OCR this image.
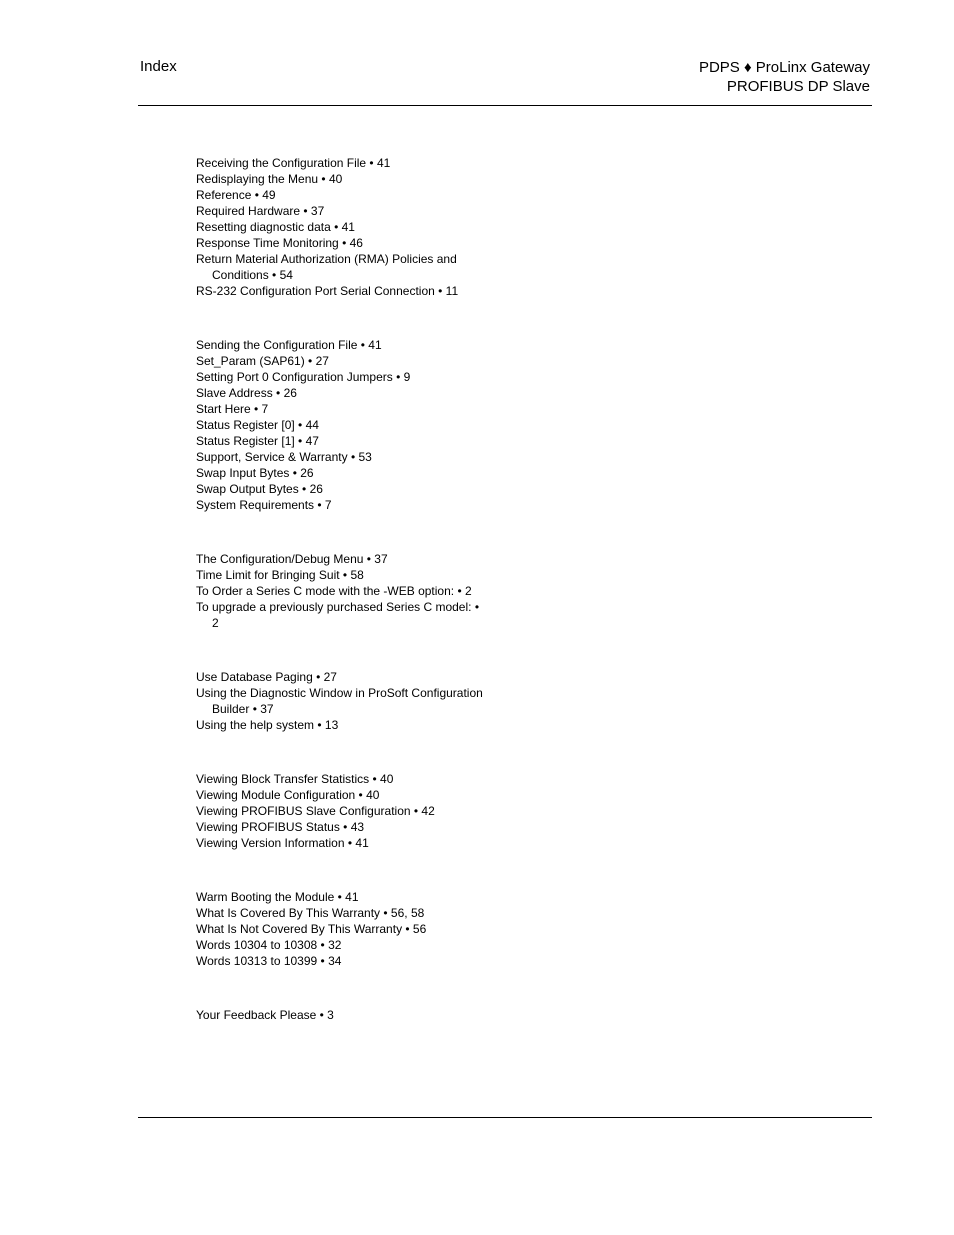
Index	PDPS ♦ ProLinx Gateway
PROFIBUS DP Slave

Receiving the Configuration File • 41

Redisplaying the Menu • 40

Reference • 49

Required Hardware • 37

Resetting diagnostic data • 41

Response Time Monitoring • 46

Return Material Authorization (RMA) Policies and Conditions • 54

RS-232 Configuration Port Serial Connection • 11

Sending the Configuration File • 41

Set_Param (SAP61) • 27

Setting Port 0 Configuration Jumpers • 9

Slave Address • 26

Start Here • 7

Status Register [0] • 44

Status Register [1] • 47

Support, Service & Warranty • 53

Swap Input Bytes • 26

Swap Output Bytes • 26

System Requirements • 7

The Configuration/Debug Menu • 37

Time Limit for Bringing Suit • 58

To Order a Series C mode with the -WEB option: • 2

To upgrade a previously purchased Series C model: • 2

Use Database Paging • 27

Using the Diagnostic Window in ProSoft Configuration Builder • 37

Using the help system • 13

Viewing Block Transfer Statistics • 40

Viewing Module Configuration • 40

Viewing PROFIBUS Slave Configuration • 42

Viewing PROFIBUS Status • 43

Viewing Version Information • 41

Warm Booting the Module • 41

What Is Covered By This Warranty • 56, 58

What Is Not Covered By This Warranty • 56

Words 10304 to 10308 • 32

Words 10313 to 10399 • 34

Your Feedback Please • 3
